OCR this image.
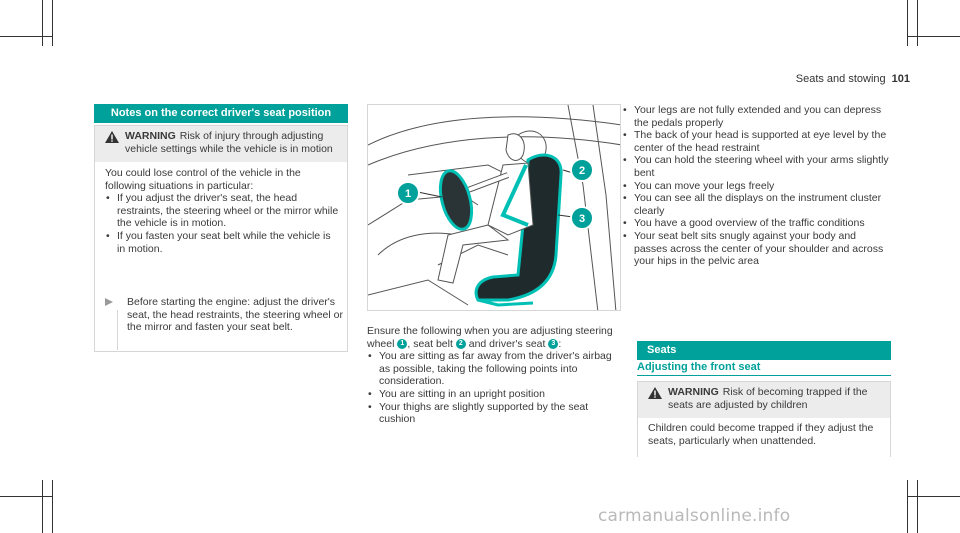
Seats and stowing 101
Notes on the correct driver's seat position
WARNING Risk of injury through adjusting vehicle settings while the vehicle is in motion
You could lose control of the vehicle in the following situations in particular:
• If you adjust the driver's seat, the head restraints, the steering wheel or the mirror while the vehicle is in motion.
• If you fasten your seat belt while the vehicle is in motion.
Before starting the engine: adjust the driver's seat, the head restraints, the steering wheel or the mirror and fasten your seat belt.
1
2
3
Ensure the following when you are adjusting steering wheel 1 , seat belt 2 and driver's seat 3 :
• You are sitting as far away from the driver's airbag as possible, taking the following points into consideration.
• You are sitting in an upright position
• Your thighs are slightly supported by the seat cushion
• Your legs are not fully extended and you can depress the pedals properly
• The back of your head is supported at eye level by the center of the head restraint
• You can hold the steering wheel with your arms slightly bent
• You can move your legs freely
• You can see all the displays on the instrument cluster clearly
• You have a good overview of the traffic conditions
• Your seat belt sits snugly against your body and passes across the center of your shoulder and across your hips in the pelvic area
Seats
Adjusting the front seat
WARNING Risk of becoming trapped if the seats are adjusted by children
Children could become trapped if they adjust the seats, particularly when unattended.
carmanualsonline.info
